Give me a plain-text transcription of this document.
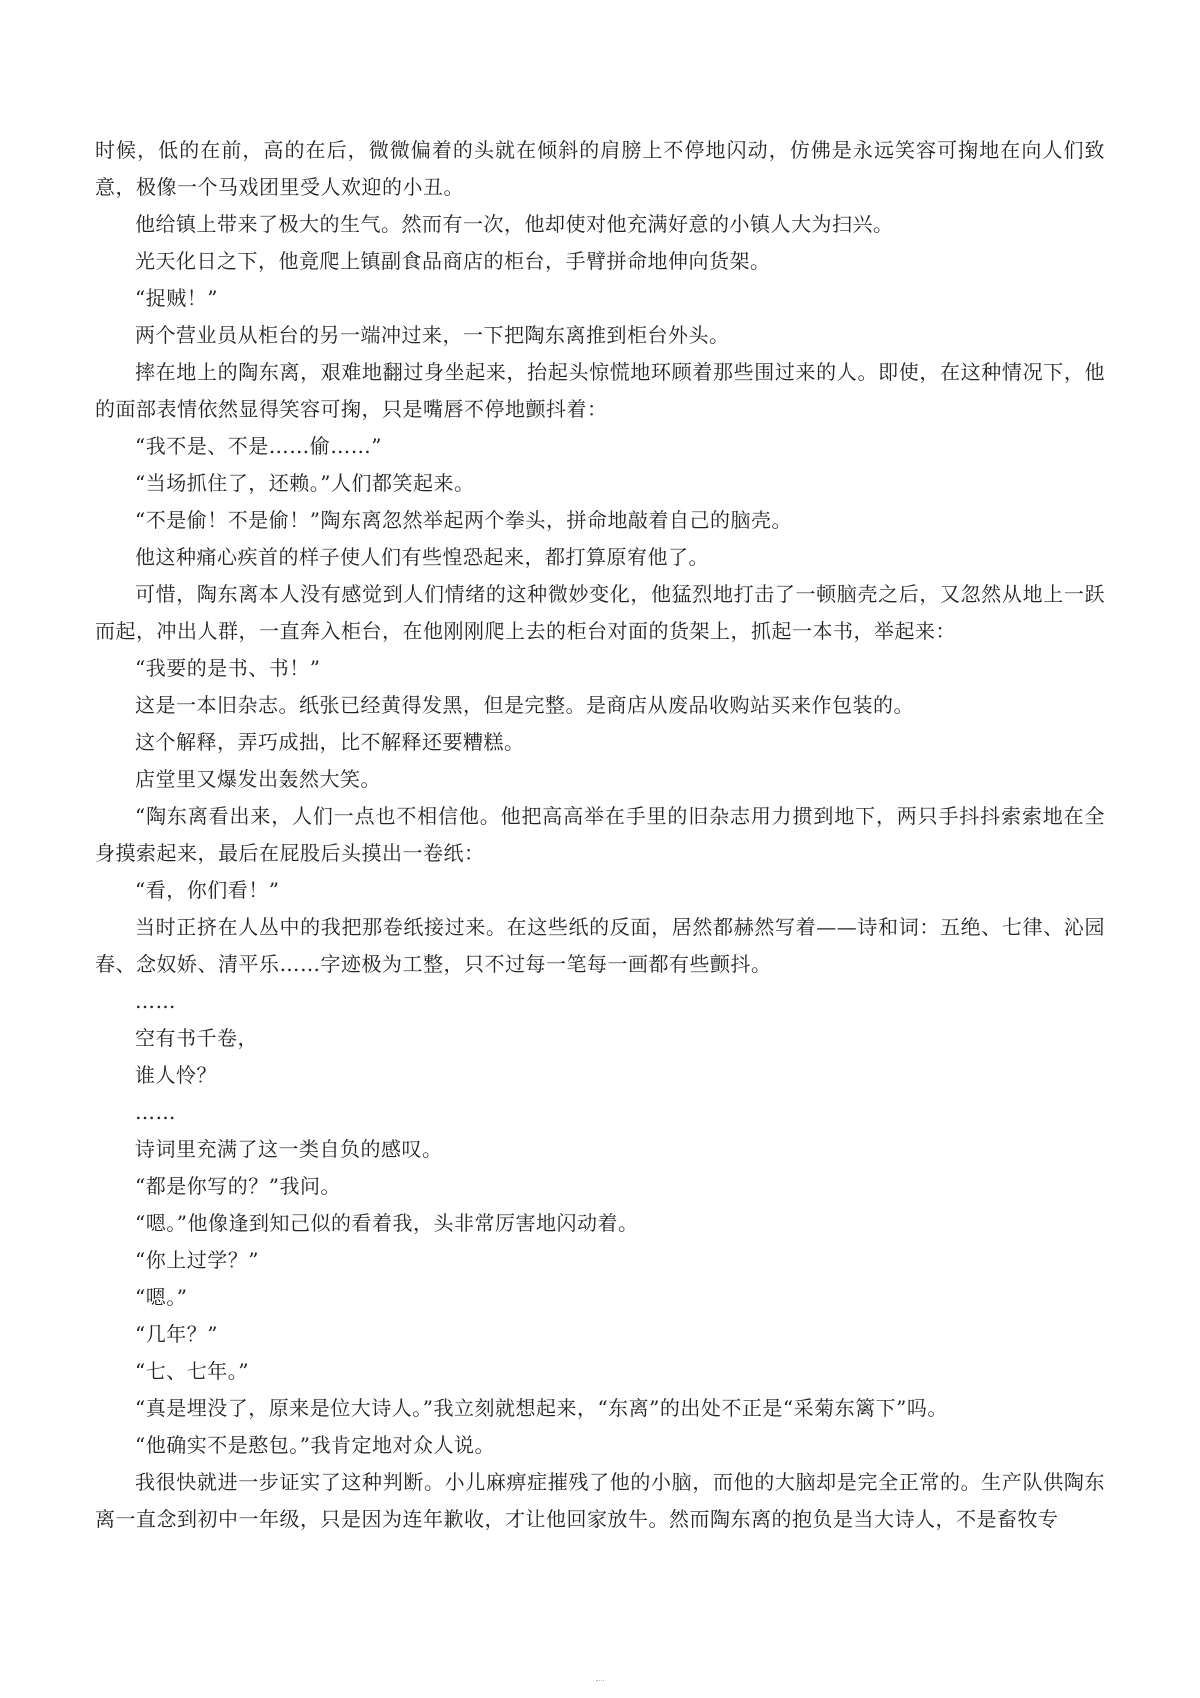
时候，低的在前，高的在后，微微偏着的头就在倾斜的肩膀上不停地闪动，仿佛是永远笑容可掬地在向人们致意，极像一个马戏团里受人欢迎的小丑。

他给镇上带来了极大的生气。然而有一次，他却使对他充满好意的小镇人大为扫兴。

光天化日之下，他竟爬上镇副食品商店的柜台，手臂拼命地伸向货架。

“捉贼！”

两个营业员从柜台的另一端冲过来，一下把陶东离推到柜台外头。

摔在地上的陶东离，艰难地翻过身坐起来，抬起头惊慌地环顾着那些围过来的人。即使，在这种情况下，他的面部表情依然显得笑容可掬，只是嘴唇不停地颤抖着：

“我不是、不是……偷……”

“当场抓住了，还赖。”人们都笑起来。

“不是偷！不是偷！”陶东离忽然举起两个拳头，拼命地敲着自己的脑壳。

他这种痛心疾首的样子使人们有些惶恐起来，都打算原宥他了。

可惜，陶东离本人没有感觉到人们情绪的这种微妙变化，他猛烈地打击了一顿脑壳之后，又忽然从地上一跃而起，冲出人群，一直奔入柜台，在他刚刚爬上去的柜台对面的货架上，抓起一本书，举起来：

“我要的是书、书！”

这是一本旧杂志。纸张已经黄得发黑，但是完整。是商店从废品收购站买来作包装的。

这个解释，弄巧成拙，比不解释还要糟糕。

店堂里又爆发出轰然大笑。

“陶东离看出来，人们一点也不相信他。他把高高举在手里的旧杂志用力掼到地下，两只手抖抖索索地在全身摸索起来，最后在屁股后头摸出一卷纸：

“看，你们看！”

当时正挤在人丛中的我把那卷纸接过来。在这些纸的反面，居然都赫然写着——诗和词：五绝、七律、沁园春、念奴娇、清平乐……字迹极为工整，只不过每一笔每一画都有些颤抖。

……

空有书千卷，

谁人怜？

……

诗词里充满了这一类自负的感叹。

“都是你写的？”我问。

“嗯。”他像逢到知己似的看着我，头非常厉害地闪动着。

“你上过学？”

“嗯。”

“几年？”

“七、七年。”

“真是埋没了，原来是位大诗人。”我立刻就想起来，“东离”的出处不正是“采菊东篱下”吗。

“他确实不是憨包。”我肯定地对众人说。

我很快就进一步证实了这种判断。小儿麻痹症摧残了他的小脑，而他的大脑却是完全正常的。生产队供陶东离一直念到初中一年级，只是因为连年歉收，才让他回家放牛。然而陶东离的抱负是当大诗人，不是畜牧专
